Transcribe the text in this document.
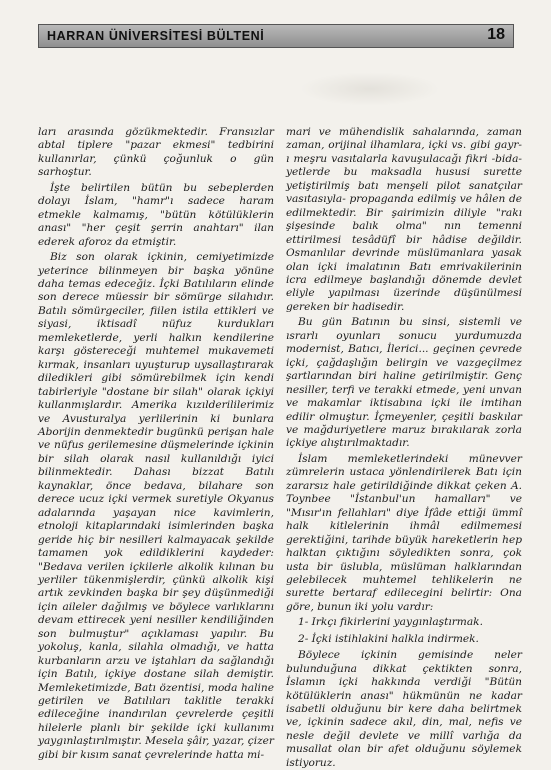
HARRAN ÜNİVERSİTESİ BÜLTENİ	18

ları arasında gözükmektedir. Fransızlar abtal tiplere "pazar ekmesi" tedbirini kullanırlar, çünkü çoğunluk o gün sarhoştur.

İşte belirtilen bütün bu sebeplerden dolayı İslam, "hamr"ı sadece haram etmekle kalmamış, "bütün kötülüklerin anası" "her çeşit şerrin anahtarı" ilan ederek aforoz da etmiştir.

Biz son olarak içkinin, cemiyetimizde yeterince bilinmeyen bir başka yönüne daha temas edeceğiz. İçki Batılıların elinde son derece müessir bir sömürge silahıdır. Batılı sömürgeciler, fiilen istila ettikleri ve siyasi, iktisadî nüfuz kurdukları memleketlerde, yerli halkın kendilerine karşı göstereceği muhtemel mukavemeti kırmak, insanları uyuşturup uysallaştırarak diledikleri gibi sömürebilmek için kendi tabirleriyle "dostane bir silah" olarak içkiyi kullanmışlardır. Amerika kızılderililerimiz ve Avusturalya yerlilerinin ki bunlara Aborijin denmektedir bugünkü perişan hale ve nüfus gerilemesine düşmelerinde içkinin bir silah olarak nasıl kullanıldığı iyici bilinmektedir. Dahası bizzat Batılı kaynaklar, önce bedava, bilahare son derece ucuz içki vermek suretiyle Okyanus adalarında yaşayan nice kavimlerin, etnoloji kitaplarındaki isimlerinden başka geride hiç bir nesilleri kalmayacak şekilde tamamen yok edildiklerini kaydeder: "Bedava verilen içkilerle alkolik kılınan bu yerliler tükenmişlerdir, çünkü alkolik kişi artık zevkinden başka bir şey düşünmediği için aileler dağılmış ve böylece varlıklarını devam ettirecek yeni nesiller kendiliğinden son bulmuştur" açıklaması yapılır. Bu yokoluş, kanla, silahla olmadığı, ve hatta kurbanların arzu ve iştahları da sağlandığı için Batılı, içkiye dostane silah demiştir. Memleketimizde, Batı özentisi, moda haline getirilen ve Batılıları taklitle terakki edileceğine inandırılan çevrelerde çeşitli hilelerle planlı bir şekilde içki kullanımı yaygınlaştırılmıştır. Mesela şâir, yazar, çizer gibi bir kısım sanat çevrelerinde hatta mi-

mari ve mühendislik sahalarında, zaman zaman, orijinal ilhamlara, içki vs. gibi gayr-ı meşru vasıtalarla kavuşulacağı fikri -bida-yetlerde bu maksadla hususi surette yetiştirilmiş batı menşeli pilot sanatçılar vasıtasıyla- propaganda edilmiş ve hâlen de edilmektedir. Bir şairimizin diliyle "rakı şişesinde balık olma" nın temenni ettirilmesi tesâdüfî bir hâdise değildir. Osmanlılar devrinde müslümanlara yasak olan içki imalatının Batı emrivakilerinin icra edilmeye başlandığı dönemde devlet eliyle yapılması üzerinde düşünülmesi gereken bir hadisedir.

Bu gün Batının bu sinsi, sistemli ve ısrarlı oyunları sonucu yurdumuzda modernist, Batıcı, İlerici... geçinen çevrede içki, çağdaşlığın belirgin ve vazgeçilmez şartlarından biri haline getirilmiştir. Genç nesiller, terfi ve terakki etmede, yeni unvan ve makamlar iktisabına içki ile imtihan edilir olmuştur. İçmeyenler, çeşitli baskılar ve mağduriyetlere maruz bırakılarak zorla içkiye alıştırılmaktadır.

İslam memleketlerindeki münevver zümrelerin ustaca yönlendirilerek Batı için zararsız hale getirildiğinde dikkat çeken A. Toynbee "İstanbul'un hamalları" ve "Mısır'ın fellahları" diye İfâde ettiği ümmî halk kitlelerinin ihmâl edilmemesi gerektiğini, tarihde büyük hareketlerin hep halktan çıktığını söyledikten sonra, çok usta bir üslubla, müslüman halklarından gelebilecek muhtemel tehlikelerin ne surette bertaraf edilecegini belirtir: Ona göre, bunun iki yolu vardır:

1- Irkçı fikirlerini yaygınlaştırmak.
2- İçki istihlakini halkla indirmek.

Böylece içkinin gemisinde neler bulunduğuna dikkat çektikten sonra, İslamın içki hakkında verdiği "Bütün kötülüklerin anası" hükmünün ne kadar isabetli olduğunu bir kere daha belirtmek ve, içkinin sadece akıl, din, mal, nefis ve nesle değil devlete ve millî varlığa da musallat olan bir afet olduğunu söylemek istiyoruz.
